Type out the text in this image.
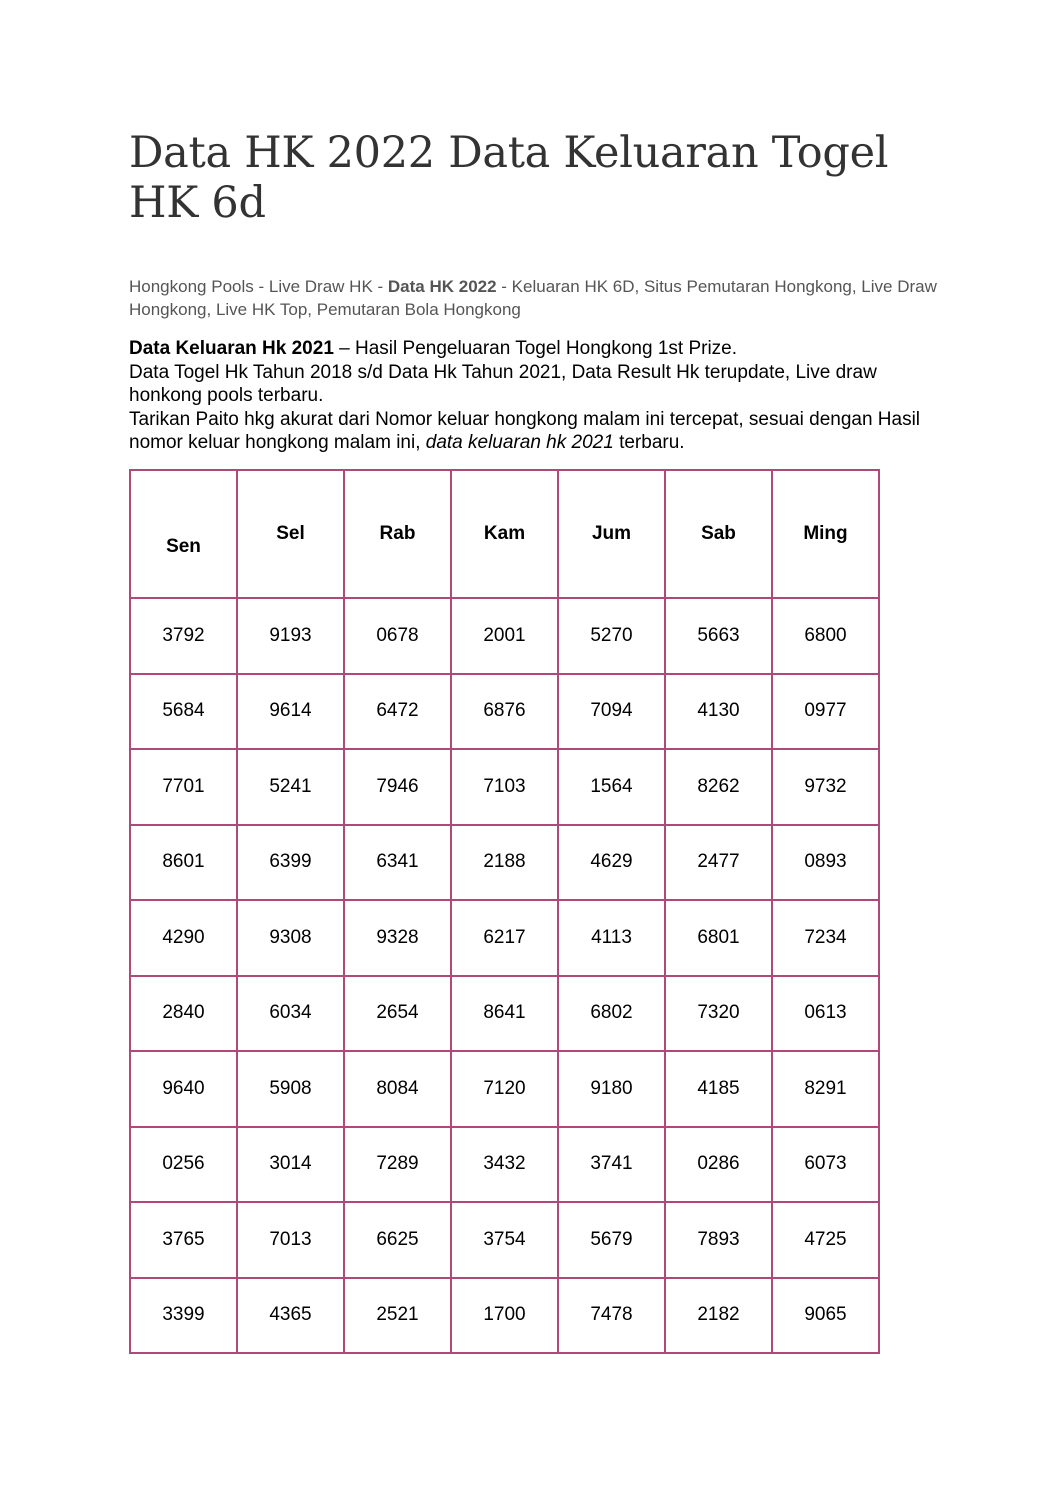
Data HK 2022 Data Keluaran Togel HK 6d

Hongkong Pools - Live Draw HK - Data HK 2022 - Keluaran HK 6D, Situs Pemutaran Hongkong, Live Draw Hongkong, Live HK Top, Pemutaran Bola Hongkong

Data Keluaran Hk 2021 – Hasil Pengeluaran Togel Hongkong 1st Prize.

Data Togel Hk Tahun 2018 s/d Data Hk Tahun 2021, Data Result Hk terupdate, Live draw honkong pools terbaru.

Tarikan Paito hkg akurat dari Nomor keluar hongkong malam ini tercepat, sesuai dengan Hasil nomor keluar hongkong malam ini, data keluaran hk 2021 terbaru.

Sen	Sel	Rab	Kam	Jum	Sab	Ming
3792	9193	0678	2001	5270	5663	6800
5684	9614	6472	6876	7094	4130	0977
7701	5241	7946	7103	1564	8262	9732
8601	6399	6341	2188	4629	2477	0893
4290	9308	9328	6217	4113	6801	7234
2840	6034	2654	8641	6802	7320	0613
9640	5908	8084	7120	9180	4185	8291
0256	3014	7289	3432	3741	0286	6073
3765	7013	6625	3754	5679	7893	4725
3399	4365	2521	1700	7478	2182	9065
